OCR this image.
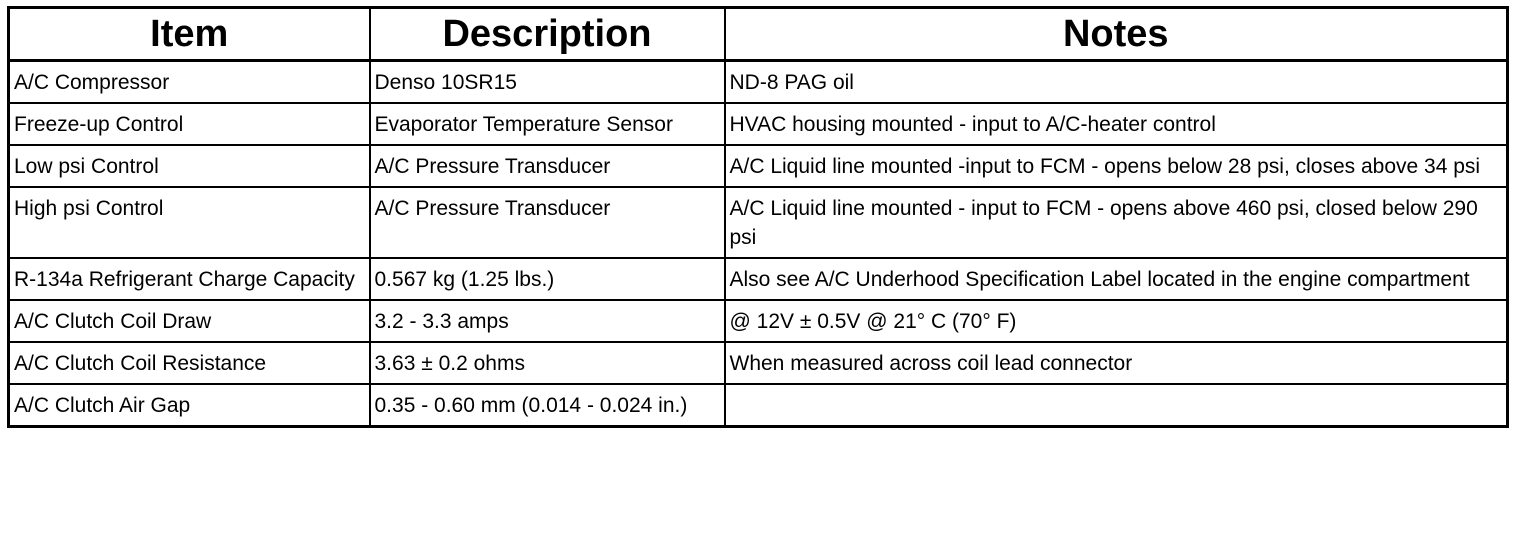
Item	Description	Notes
A/C Compressor	Denso 10SR15	ND-8 PAG oil
Freeze-up Control	Evaporator Temperature Sensor	HVAC housing mounted - input to A/C-heater control
Low psi Control	A/C Pressure Transducer	A/C Liquid line mounted -input to FCM - opens below 28 psi, closes above 34 psi
High psi Control	A/C Pressure Transducer	A/C Liquid line mounted - input to FCM - opens above 460 psi, closed below 290 psi
R-134a Refrigerant Charge Capacity	0.567 kg (1.25 lbs.)	Also see A/C Underhood Specification Label located in the engine compartment
A/C Clutch Coil Draw	3.2 - 3.3 amps	@ 12V ± 0.5V @ 21° C (70° F)
A/C Clutch Coil Resistance	3.63 ± 0.2 ohms	When measured across coil lead connector
A/C Clutch Air Gap	0.35 - 0.60 mm (0.014 - 0.024 in.)	
